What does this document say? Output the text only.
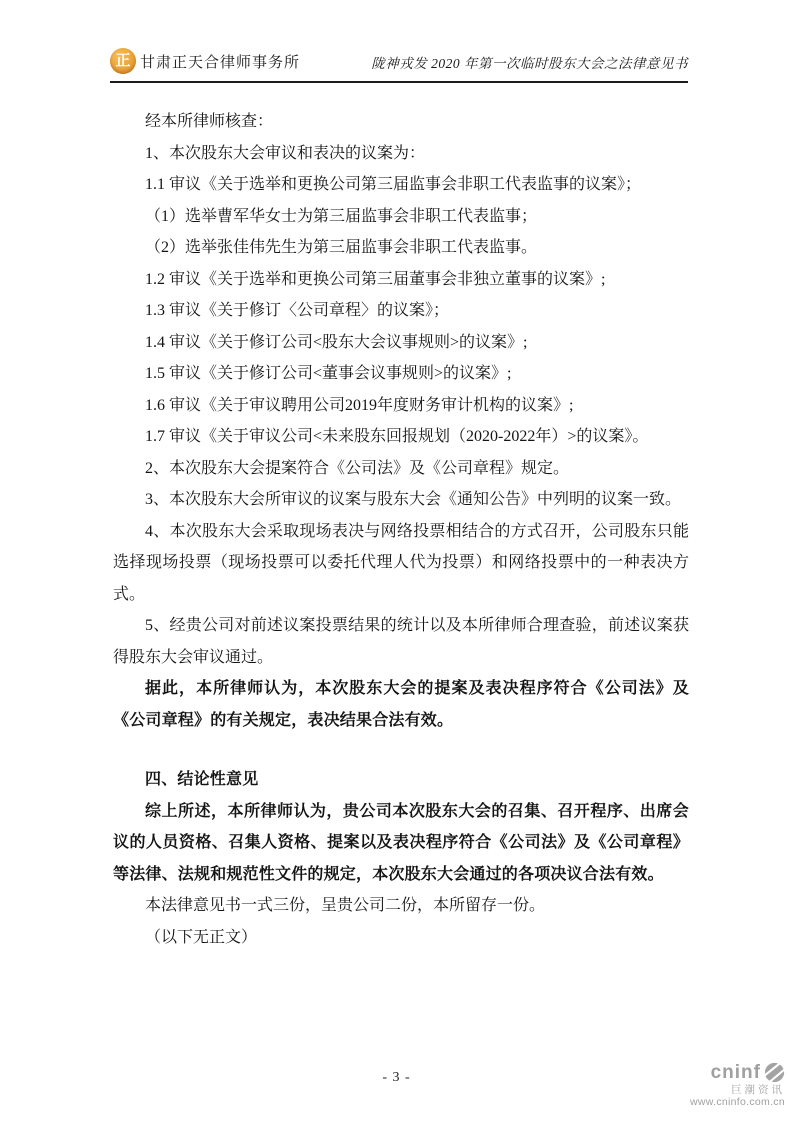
正 甘肃正天合律师事务所	陇神戎发 2020 年第一次临时股东大会之法律意见书

经本所律师核查：

1、本次股东大会审议和表决的议案为：

1.1 审议《关于选举和更换公司第三届监事会非职工代表监事的议案》；

（1）选举曹军华女士为第三届监事会非职工代表监事；

（2）选举张佳伟先生为第三届监事会非职工代表监事。

1.2 审议《关于选举和更换公司第三届董事会非独立董事的议案》;

1.3 审议《关于修订〈公司章程〉的议案》；

1.4 审议《关于修订公司<股东大会议事规则>的议案》;

1.5 审议《关于修订公司<董事会议事规则>的议案》;

1.6 审议《关于审议聘用公司2019年度财务审计机构的议案》;

1.7 审议《关于审议公司<未来股东回报规划（2020-2022年）>的议案》。

2、本次股东大会提案符合《公司法》及《公司章程》规定。

3、本次股东大会所审议的议案与股东大会《通知公告》中列明的议案一致。

4、本次股东大会采取现场表决与网络投票相结合的方式召开，公司股东只能选择现场投票（现场投票可以委托代理人代为投票）和网络投票中的一种表决方式。

5、经贵公司对前述议案投票结果的统计以及本所律师合理查验，前述议案获得股东大会审议通过。

据此，本所律师认为，本次股东大会的提案及表决程序符合《公司法》及《公司章程》的有关规定，表决结果合法有效。

四、结论性意见

综上所述，本所律师认为，贵公司本次股东大会的召集、召开程序、出席会议的人员资格、召集人资格、提案以及表决程序符合《公司法》及《公司章程》等法律、法规和规范性文件的规定，本次股东大会通过的各项决议合法有效。

本法律意见书一式三份，呈贵公司二份，本所留存一份。

（以下无正文）

- 3 -	cninf
巨潮资讯
www.cninfo.com.cn
